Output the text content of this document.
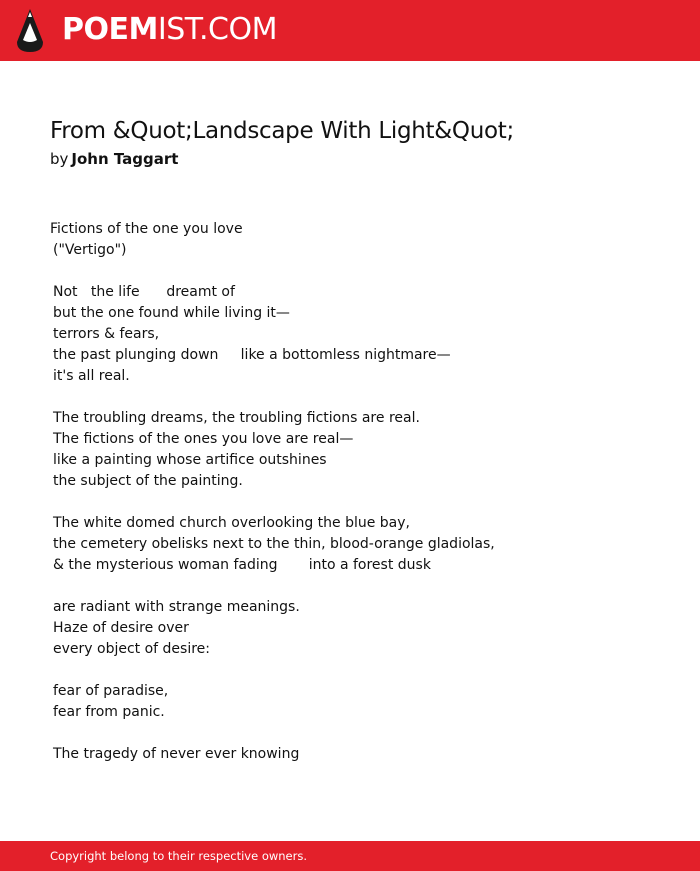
POEMIST.COM
From &Quot;Landscape With Light&Quot;
by John Taggart
Fictions of the one you love
("Vertigo")
Not   the life      dreamt of
but the one found while living it—
terrors & fears,
the past plunging down     like a bottomless nightmare—
it's all real.
The troubling dreams, the troubling fictions are real.
The fictions of the ones you love are real—
like a painting whose artifice outshines
the subject of the painting.
The white domed church overlooking the blue bay,
the cemetery obelisks next to the thin, blood-orange gladiolas,
& the mysterious woman fading       into a forest dusk
are radiant with strange meanings.
Haze of desire over
every object of desire:
fear of paradise,
fear from panic.
The tragedy of never ever knowing
Copyright belong to their respective owners.
